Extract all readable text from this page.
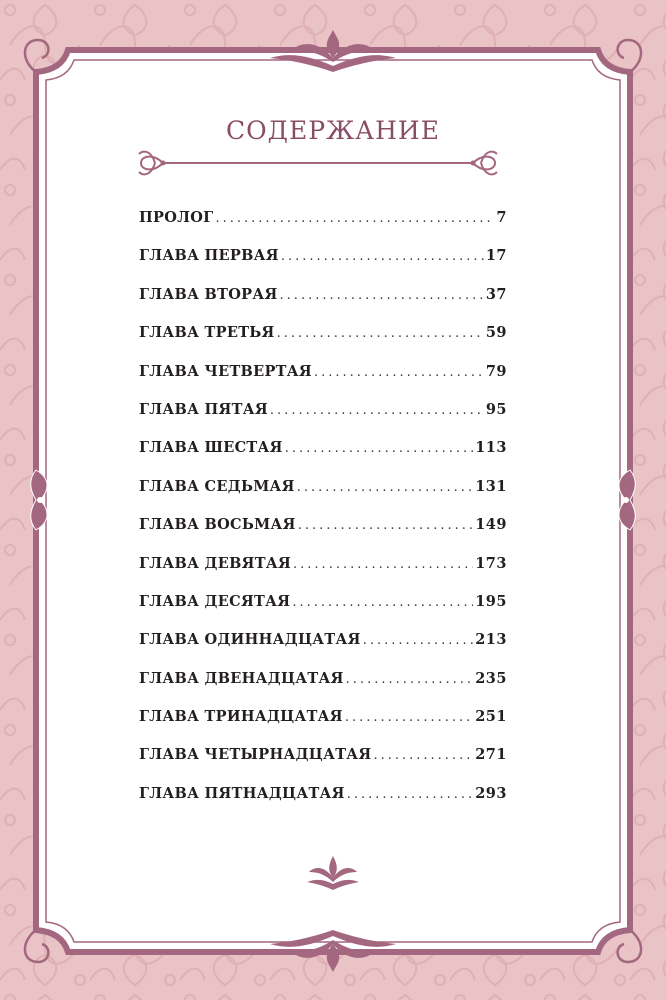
СОДЕРЖАНИЕ
ПРОЛОГ .....	7
ГЛАВА ПЕРВАЯ .....	17
ГЛАВА ВТОРАЯ .....	37
ГЛАВА ТРЕТЬЯ .....	59
ГЛАВА ЧЕТВЕРТАЯ .....	79
ГЛАВА ПЯТАЯ .....	95
ГЛАВА ШЕСТАЯ .....	113
ГЛАВА СЕДЬМАЯ .....	131
ГЛАВА ВОСЬМАЯ .....	149
ГЛАВА ДЕВЯТАЯ .....	173
ГЛАВА ДЕСЯТАЯ .....	195
ГЛАВА ОДИННАДЦАТАЯ .....	213
ГЛАВА ДВЕНАДЦАТАЯ .....	235
ГЛАВА ТРИНАДЦАТАЯ .....	251
ГЛАВА ЧЕТЫРНАДЦАТАЯ .....	271
ГЛАВА ПЯТНАДЦАТАЯ .....	293
